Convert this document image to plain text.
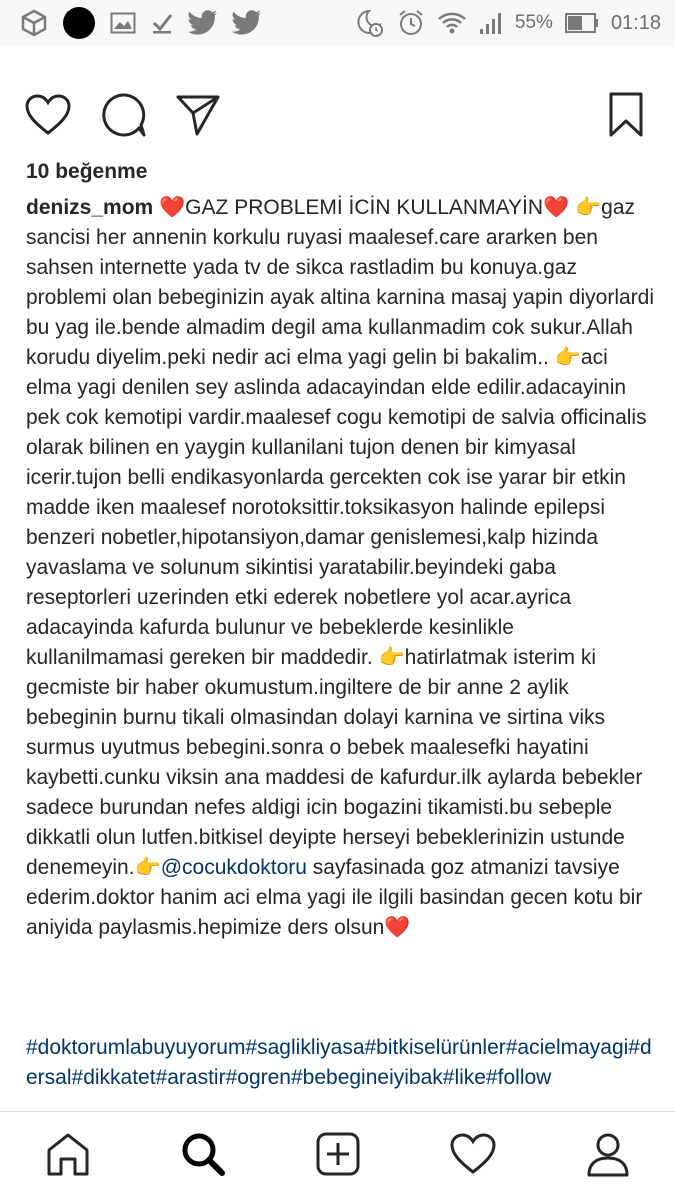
55%	01:18
10 beğenme

denizs_mom ❤️GAZ PROBLEMİ İCİN KULLANMAYİN❤️ 👉gaz sancisi her annenin korkulu ruyasi maalesef.care ararken ben sahsen internette yada tv de sikca rastladim bu konuya.gaz problemi olan bebeginizin ayak altina karnina masaj yapin diyorlardi bu yag ile.bende almadim degil ama kullanmadim cok sukur.Allah korudu diyelim.peki nedir aci elma yagi gelin bi bakalim.. 👉aci elma yagi denilen sey aslinda adacayindan elde edilir.adacayinin pek cok kemotipi vardir.maalesef cogu kemotipi de salvia officinalis olarak bilinen en yaygin kullanilani tujon denen bir kimyasal icerir.tujon belli endikasyonlarda gercekten cok ise yarar bir etkin madde iken maalesef norotoksittir.toksikasyon halinde epilepsi benzeri nobetler,hipotansiyon,damar genislemesi,kalp hizinda yavaslama ve solunum sikintisi yaratabilir.beyindeki gaba reseptorleri uzerinden etki ederek nobetlere yol acar.ayrica adacayinda kafurda bulunur ve bebeklerde kesinlikle kullanilmamasi gereken bir maddedir. 👉hatirlatmak isterim ki gecmiste bir haber okumustum.ingiltere de bir anne 2 aylik bebeginin burnu tikali olmasindan dolayi karnina ve sirtina viks surmus uyutmus bebegini.sonra o bebek maalesefki hayatini kaybetti.cunku viksin ana maddesi de kafurdur.ilk aylarda bebekler sadece burundan nefes aldigi icin bogazini tikamisti.bu sebeple dikkatli olun lutfen.bitkisel deyipte herseyi bebeklerinizin ustunde denemeyin.👉@cocukdoktoru sayfasinada goz atmanizi tavsiye ederim.doktor hanim aci elma yagi ile ilgili basindan gecen kotu bir aniyida paylasmis.hepimize ders olsun❤️

#doktorumlabuyuyorum#saglikliyasa#bitkiselürünler#acielmayagi#dersal#dikkatet#arastir#ogren#bebegineiyibak#like#follow
